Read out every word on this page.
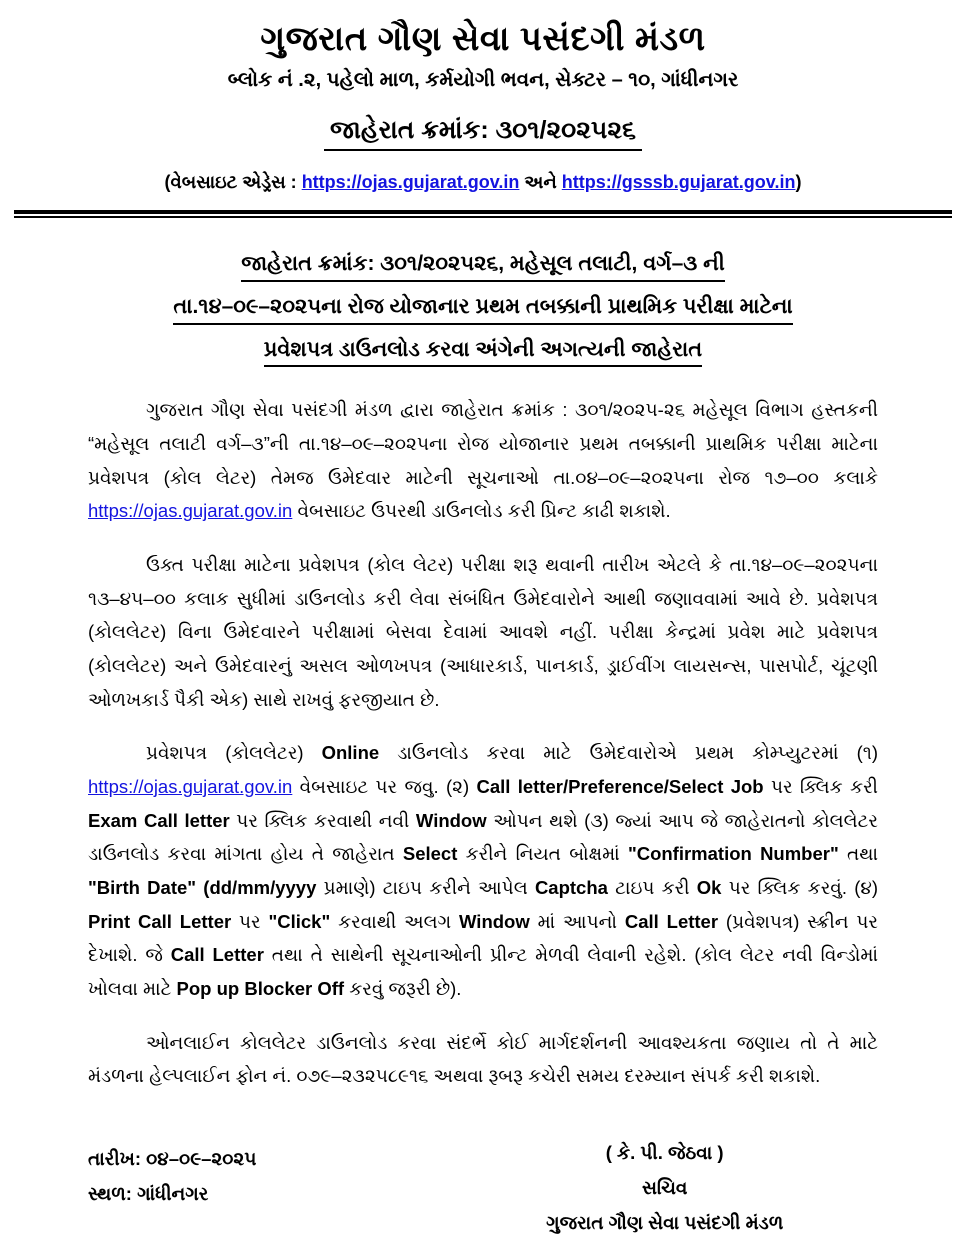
ગુજરાત ગૌણ સેવા પસંદગી મંડળ
બ્લોક નં .૨, પહેલો માળ, કર્મયોગી ભવન, સેક્ટર – ૧૦, ગાંધીનગર
જાહેરાત ક્રમાંક: ૩૦૧/૨૦૨૫૨૬
(વેબસાઇટ એડ્રેસ : https://ojas.gujarat.gov.in અને https://gsssb.gujarat.gov.in)
જાહેરાત ક્રમાંક: ૩૦૧/૨૦૨૫૨૬, મહેસૂલ તલાટી, વર્ગ–૩ ની
તા.૧૪–૦૯–૨૦૨૫ના રોજ યોજાનાર પ્રથમ તબક્કાની પ્રાથમિક પરીક્ષા માટેના
પ્રવેશપત્ર ડાઉનલોડ કરવા અંગેની અગત્યની જાહેરાત

ગુજરાત ગૌણ સેવા પસંદગી મંડળ દ્વારા જાહેરાત ક્રમાંક : ૩૦૧/૨૦૨૫-૨૬ મહેસૂલ વિભાગ હસ્તકની “મહેસૂલ તલાટી વર્ગ–૩”ની તા.૧૪–૦૯–૨૦૨૫ના રોજ યોજાનાર પ્રથમ તબક્કાની પ્રાથમિક પરીક્ષા માટેના પ્રવેશપત્ર (કોલ લેટર) તેમજ ઉમેદવાર માટેની સૂચનાઓ તા.૦૪–૦૯–૨૦૨૫ના રોજ ૧૭–૦૦ કલાકે https://ojas.gujarat.gov.in વેબસાઇટ ઉપરથી ડાઉનલોડ કરી પ્રિન્ટ કાઢી શકાશે.

ઉક્ત પરીક્ષા માટેના પ્રવેશપત્ર (કોલ લેટર) પરીક્ષા શરૂ થવાની તારીખ એટલે કે તા.૧૪–૦૯–૨૦૨૫ના ૧૩–૪૫–૦૦ કલાક સુધીમાં ડાઉનલોડ કરી લેવા સંબંધિત ઉમેદવારોને આથી જણાવવામાં આવે છે. પ્રવેશપત્ર (કોલલેટર) વિના ઉમેદવારને પરીક્ષામાં બેસવા દેવામાં આવશે નહીં. પરીક્ષા કેન્દ્રમાં પ્રવેશ માટે પ્રવેશપત્ર (કોલલેટર) અને ઉમેદવારનું અસલ ઓળખપત્ર (આધારકાર્ડ, પાનકાર્ડ, ડ્રાઈવીંગ લાયસન્સ, પાસપોર્ટ, ચૂંટણી ઓળખકાર્ડ પૈકી એક) સાથે રાખવું ફરજીયાત છે.

પ્રવેશપત્ર (કોલલેટર) Online ડાઉનલોડ કરવા માટે ઉમેદવારોએ પ્રથમ કોમ્પ્યુટરમાં (૧) https://ojas.gujarat.gov.in વેબસાઇટ પર જવુ. (૨) Call letter/Preference/Select Job પર ક્લિક કરી Exam Call letter પર ક્લિક કરવાથી નવી Window ઓપન થશે (૩) જ્યાં આપ જે જાહેરાતનો કોલલેટર ડાઉનલોડ કરવા માંગતા હોય તે જાહેરાત Select કરીને નિયત બોક્ષમાં "Confirmation Number" તથા "Birth Date" (dd/mm/yyyy પ્રમાણે) ટાઇપ કરીને આપેલ Captcha ટાઇપ કરી Ok પર ક્લિક કરવું. (૪) Print Call Letter પર "Click" કરવાથી અલગ Window માં આપનો Call Letter (પ્રવેશપત્ર) સ્ક્રીન પર દેખાશે. જે Call Letter તથા તે સાથેની સૂચનાઓની પ્રીન્ટ મેળવી લેવાની રહેશે. (કોલ લેટર નવી વિન્ડોમાં ખોલવા માટે Pop up Blocker Off કરવું જરૂરી છે).

ઓનલાઈન કોલલેટર ડાઉનલોડ કરવા સંદર્ભે કોઈ માર્ગદર્શનની આવશ્યકતા જણાય તો તે માટે મંડળના હેલ્પલાઈન ફોન નં. ૦૭૯–૨૩૨૫૮૯૧૬ અથવા રૂબરૂ કચેરી સમય દરમ્યાન સંપર્ક કરી શકાશે.

તારીખ: ૦૪–૦૯–૨૦૨૫
સ્થળ: ગાંધીનગર
( કે. પી. જેઠવા )
સચિવ
ગુજરાત ગૌણ સેવા પસંદગી મંડળ
